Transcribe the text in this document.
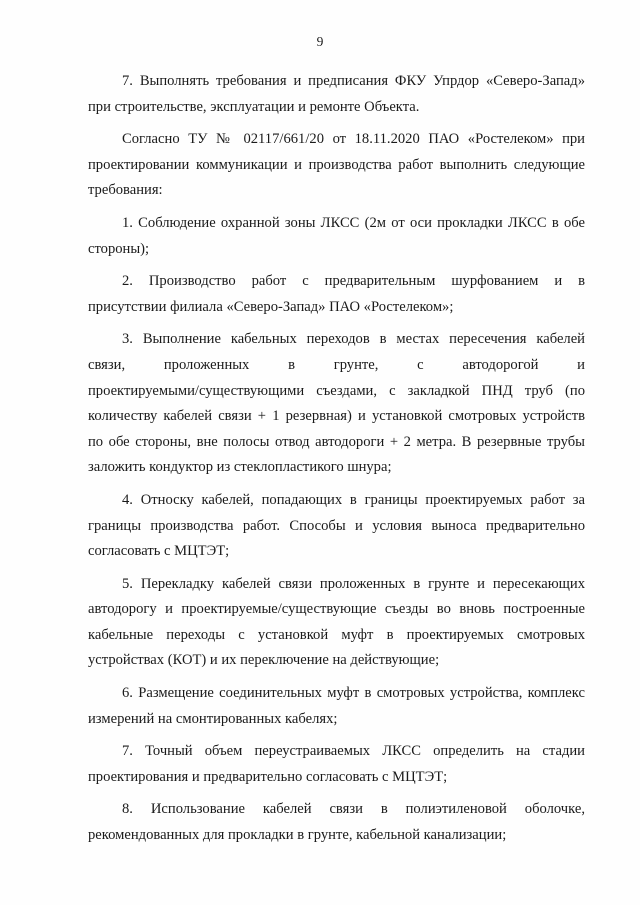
9

7. Выполнять требования и предписания ФКУ Упрдор «Северо-Запад»
при строительстве, эксплуатации и ремонте Объекта.

Согласно ТУ № 02117/661/20 от 18.11.2020 ПАО «Ростелеком» при
проектировании коммуникации и производства работ выполнить следующие
требования:

1. Соблюдение охранной зоны ЛКСС (2м от оси прокладки ЛКСС в обе
стороны);

2. Производство работ с предварительным шурфованием и в
присутствии филиала «Северо-Запад» ПАО «Ростелеком»;

3. Выполнение кабельных переходов в местах пересечения кабелей
связи, проложенных в грунте, с автодорогой и
проектируемыми/существующими съездами, с закладкой ПНД труб (по
количеству кабелей связи + 1 резервная) и установкой смотровых устройств
по обе стороны, вне полосы отвод автодороги + 2 метра. В резервные трубы
заложить кондуктор из стеклопластикого шнура;

4. Относку кабелей, попадающих в границы проектируемых работ за
границы производства работ. Способы и условия выноса предварительно
согласовать с МЦТЭТ;

5. Перекладку кабелей связи проложенных в грунте и пересекающих
автодорогу и проектируемые/существующие съезды во вновь построенные
кабельные переходы с установкой муфт в проектируемых смотровых
устройствах (КОТ) и их переключение на действующие;

6. Размещение соединительных муфт в смотровых устройства, комплекс
измерений на смонтированных кабелях;

7. Точный объем переустраиваемых ЛКСС определить на стадии
проектирования и предварительно согласовать с МЦТЭТ;

8. Использование кабелей связи в полиэтиленовой оболочке,
рекомендованных для прокладки в грунте, кабельной канализации;
